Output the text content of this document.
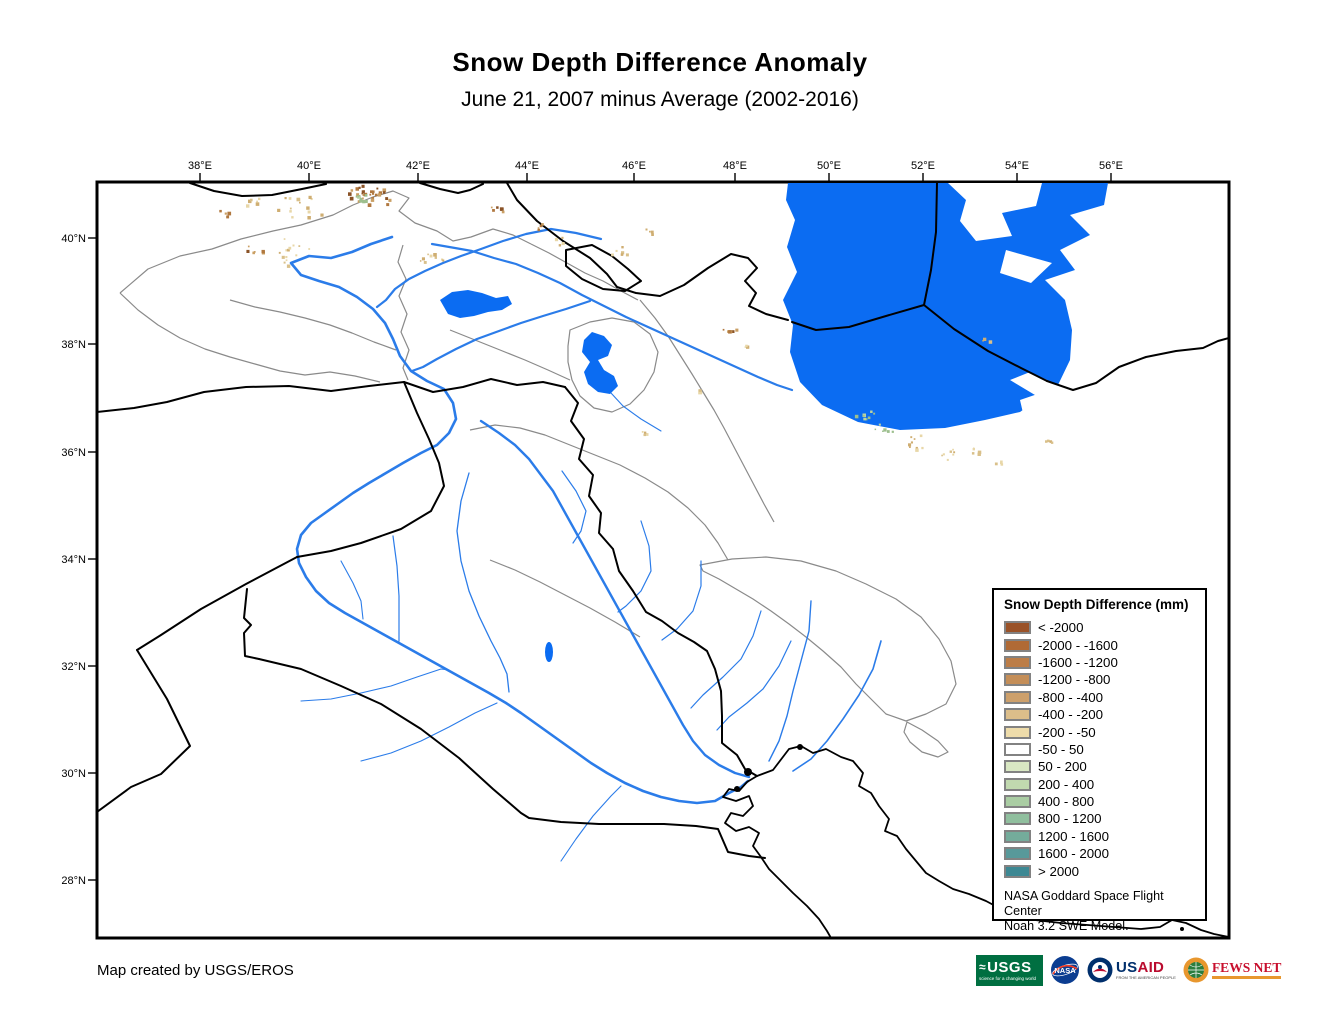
Snow Depth Difference Anomaly
June 21, 2007 minus Average (2002-2016)
38°E	40°E	42°E	44°E	46°E	48°E	50°E	52°E	54°E	56°E
40°N
38°N
36°N
34°N
32°N
30°N
28°N
Snow Depth Difference (mm)
< -2000
-2000 - -1600
-1600 - -1200
-1200 - -800
-800 - -400
-400 - -200
-200 - -50
-50 - 50
50 - 200
200 - 400
400 - 800
800 - 1200
1200 - 1600
1600 - 2000
> 2000
NASA Goddard Space Flight Center
Noah 3.2 SWE Model.
Map created by USGS/EROS	≈ USGS
science for a changing world
NASA	USAID
FROM THE AMERICAN PEOPLE
FEWS NET
